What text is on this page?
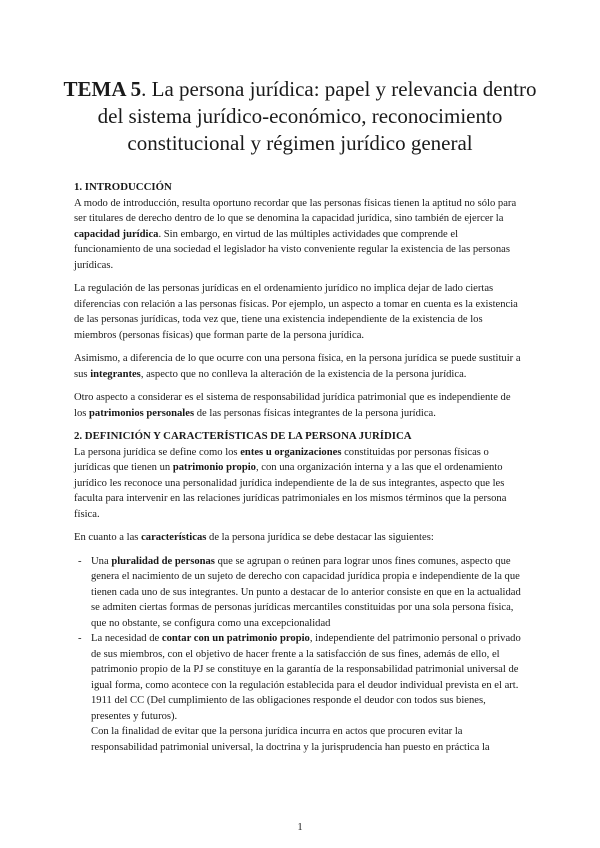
TEMA 5. La persona jurídica: papel y relevancia dentro del sistema jurídico-económico, reconocimiento constitucional y régimen jurídico general
1. INTRODUCCIÓN

A modo de introducción, resulta oportuno recordar que las personas físicas tienen la aptitud no sólo para ser titulares de derecho dentro de lo que se denomina la capacidad jurídica, sino también de ejercer la capacidad jurídica. Sin embargo, en virtud de las múltiples actividades que comprende el funcionamiento de una sociedad el legislador ha visto conveniente regular la existencia de las personas jurídicas.

La regulación de las personas jurídicas en el ordenamiento jurídico no implica dejar de lado ciertas diferencias con relación a las personas físicas. Por ejemplo, un aspecto a tomar en cuenta es la existencia de las personas jurídicas, toda vez que, tiene una existencia independiente de la existencia de los miembros (personas físicas) que forman parte de la persona jurídica.

Asimismo, a diferencia de lo que ocurre con una persona física, en la persona jurídica se puede sustituir a sus integrantes, aspecto que no conlleva la alteración de la existencia de la persona jurídica.

Otro aspecto a considerar es el sistema de responsabilidad jurídica patrimonial que es independiente de los patrimonios personales de las personas físicas integrantes de la persona jurídica.

2. DEFINICIÓN Y CARACTERÍSTICAS DE LA PERSONA JURÍDICA

La persona jurídica se define como los entes u organizaciones constituidas por personas físicas o jurídicas que tienen un patrimonio propio, con una organización interna y a las que el ordenamiento jurídico les reconoce una personalidad jurídica independiente de la de sus integrantes, aspecto que les faculta para intervenir en las relaciones jurídicas patrimoniales en los mismos términos que la persona física.

En cuanto a las características de la persona jurídica se debe destacar las siguientes:

- Una pluralidad de personas que se agrupan o reúnen para lograr unos fines comunes, aspecto que genera el nacimiento de un sujeto de derecho con capacidad jurídica propia e independiente de la que tienen cada uno de sus integrantes. Un punto a destacar de lo anterior consiste en que en la actualidad se admiten ciertas formas de personas jurídicas mercantiles constituidas por una sola persona física, que no obstante, se configura como una excepcionalidad
- La necesidad de contar con un patrimonio propio, independiente del patrimonio personal o privado de sus miembros, con el objetivo de hacer frente a la satisfacción de sus fines, además de ello, el patrimonio propio de la PJ se constituye en la garantía de la responsabilidad patrimonial universal de igual forma, como acontece con la regulación establecida para el deudor individual prevista en el art. 1911 del CC (Del cumplimiento de las obligaciones responde el deudor con todos sus bienes, presentes y futuros).

Con la finalidad de evitar que la persona jurídica incurra en actos que procuren evitar la responsabilidad patrimonial universal, la doctrina y la jurisprudencia han puesto en práctica la

1
